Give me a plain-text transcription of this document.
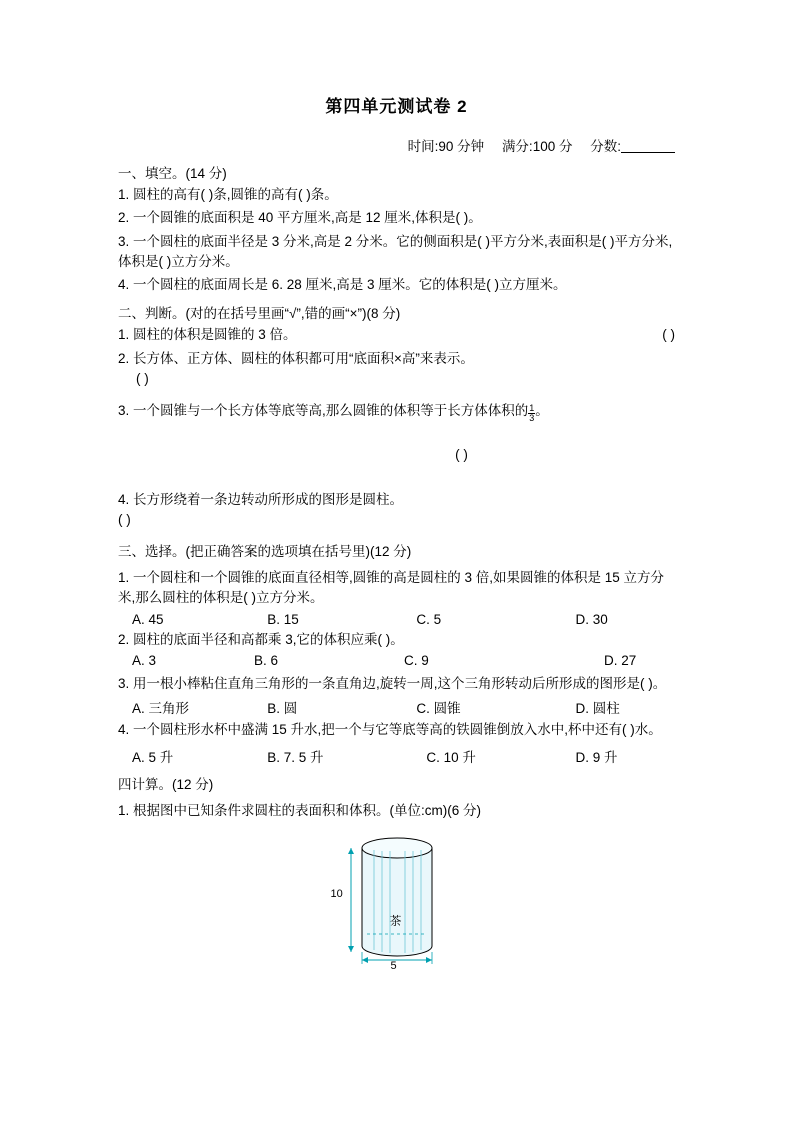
第四单元测试卷 2
时间:90 分钟 满分:100 分 分数:
一、填空。(14 分)
1. 圆柱的高有( )条,圆锥的高有( )条。
2. 一个圆锥的底面积是 40 平方厘米,高是 12 厘米,体积是( )。
3. 一个圆柱的底面半径是 3 分米,高是 2 分米。它的侧面积是( )平方分米,表面积是( )平方分米,体积是( )立方分米。
4. 一个圆柱的底面周长是 6. 28 厘米,高是 3 厘米。它的体积是( )立方厘米。
二、判断。(对的在括号里画“√”,错的画“×”)(8 分)
( )
1. 圆柱的体积是圆锥的 3 倍。
2. 长方体、正方体、圆柱的体积都可用“底面积×高”来表示。
( )
3. 一个圆锥与一个长方体等底等高,那么圆锥的体积等于长方体体积的 $\frac{1}{3}$ 。
( )
4. 长方形绕着一条边转动所形成的图形是圆柱。
( )
三、选择。(把正确答案的选项填在括号里)(12 分)
1. 一个圆柱和一个圆锥的底面直径相等,圆锥的高是圆柱的 3 倍,如果圆锥的体积是 15 立方分米,那么圆柱的体积是( )立方分米。
A. 45	B. 15	C. 5	D. 30
2. 圆柱的底面半径和高都乘 3,它的体积应乘( )。
A. 3	B. 6	C. 9	D. 27
3. 用一根小棒粘住直角三角形的一条直角边,旋转一周,这个三角形转动后所形成的图形是( )。
A. 三角形	B. 圆	C. 圆锥	D. 圆柱
4. 一个圆柱形水杯中盛满 15 升水,把一个与它等底等高的铁圆锥倒放入水中,杯中还有( )水。
A. 5 升	B. 7. 5 升	C. 10 升	D. 9 升
四计算。(12 分)
1. 根据图中已知条件求圆柱的表面积和体积。(单位:cm)(6 分)
10
5
茶
